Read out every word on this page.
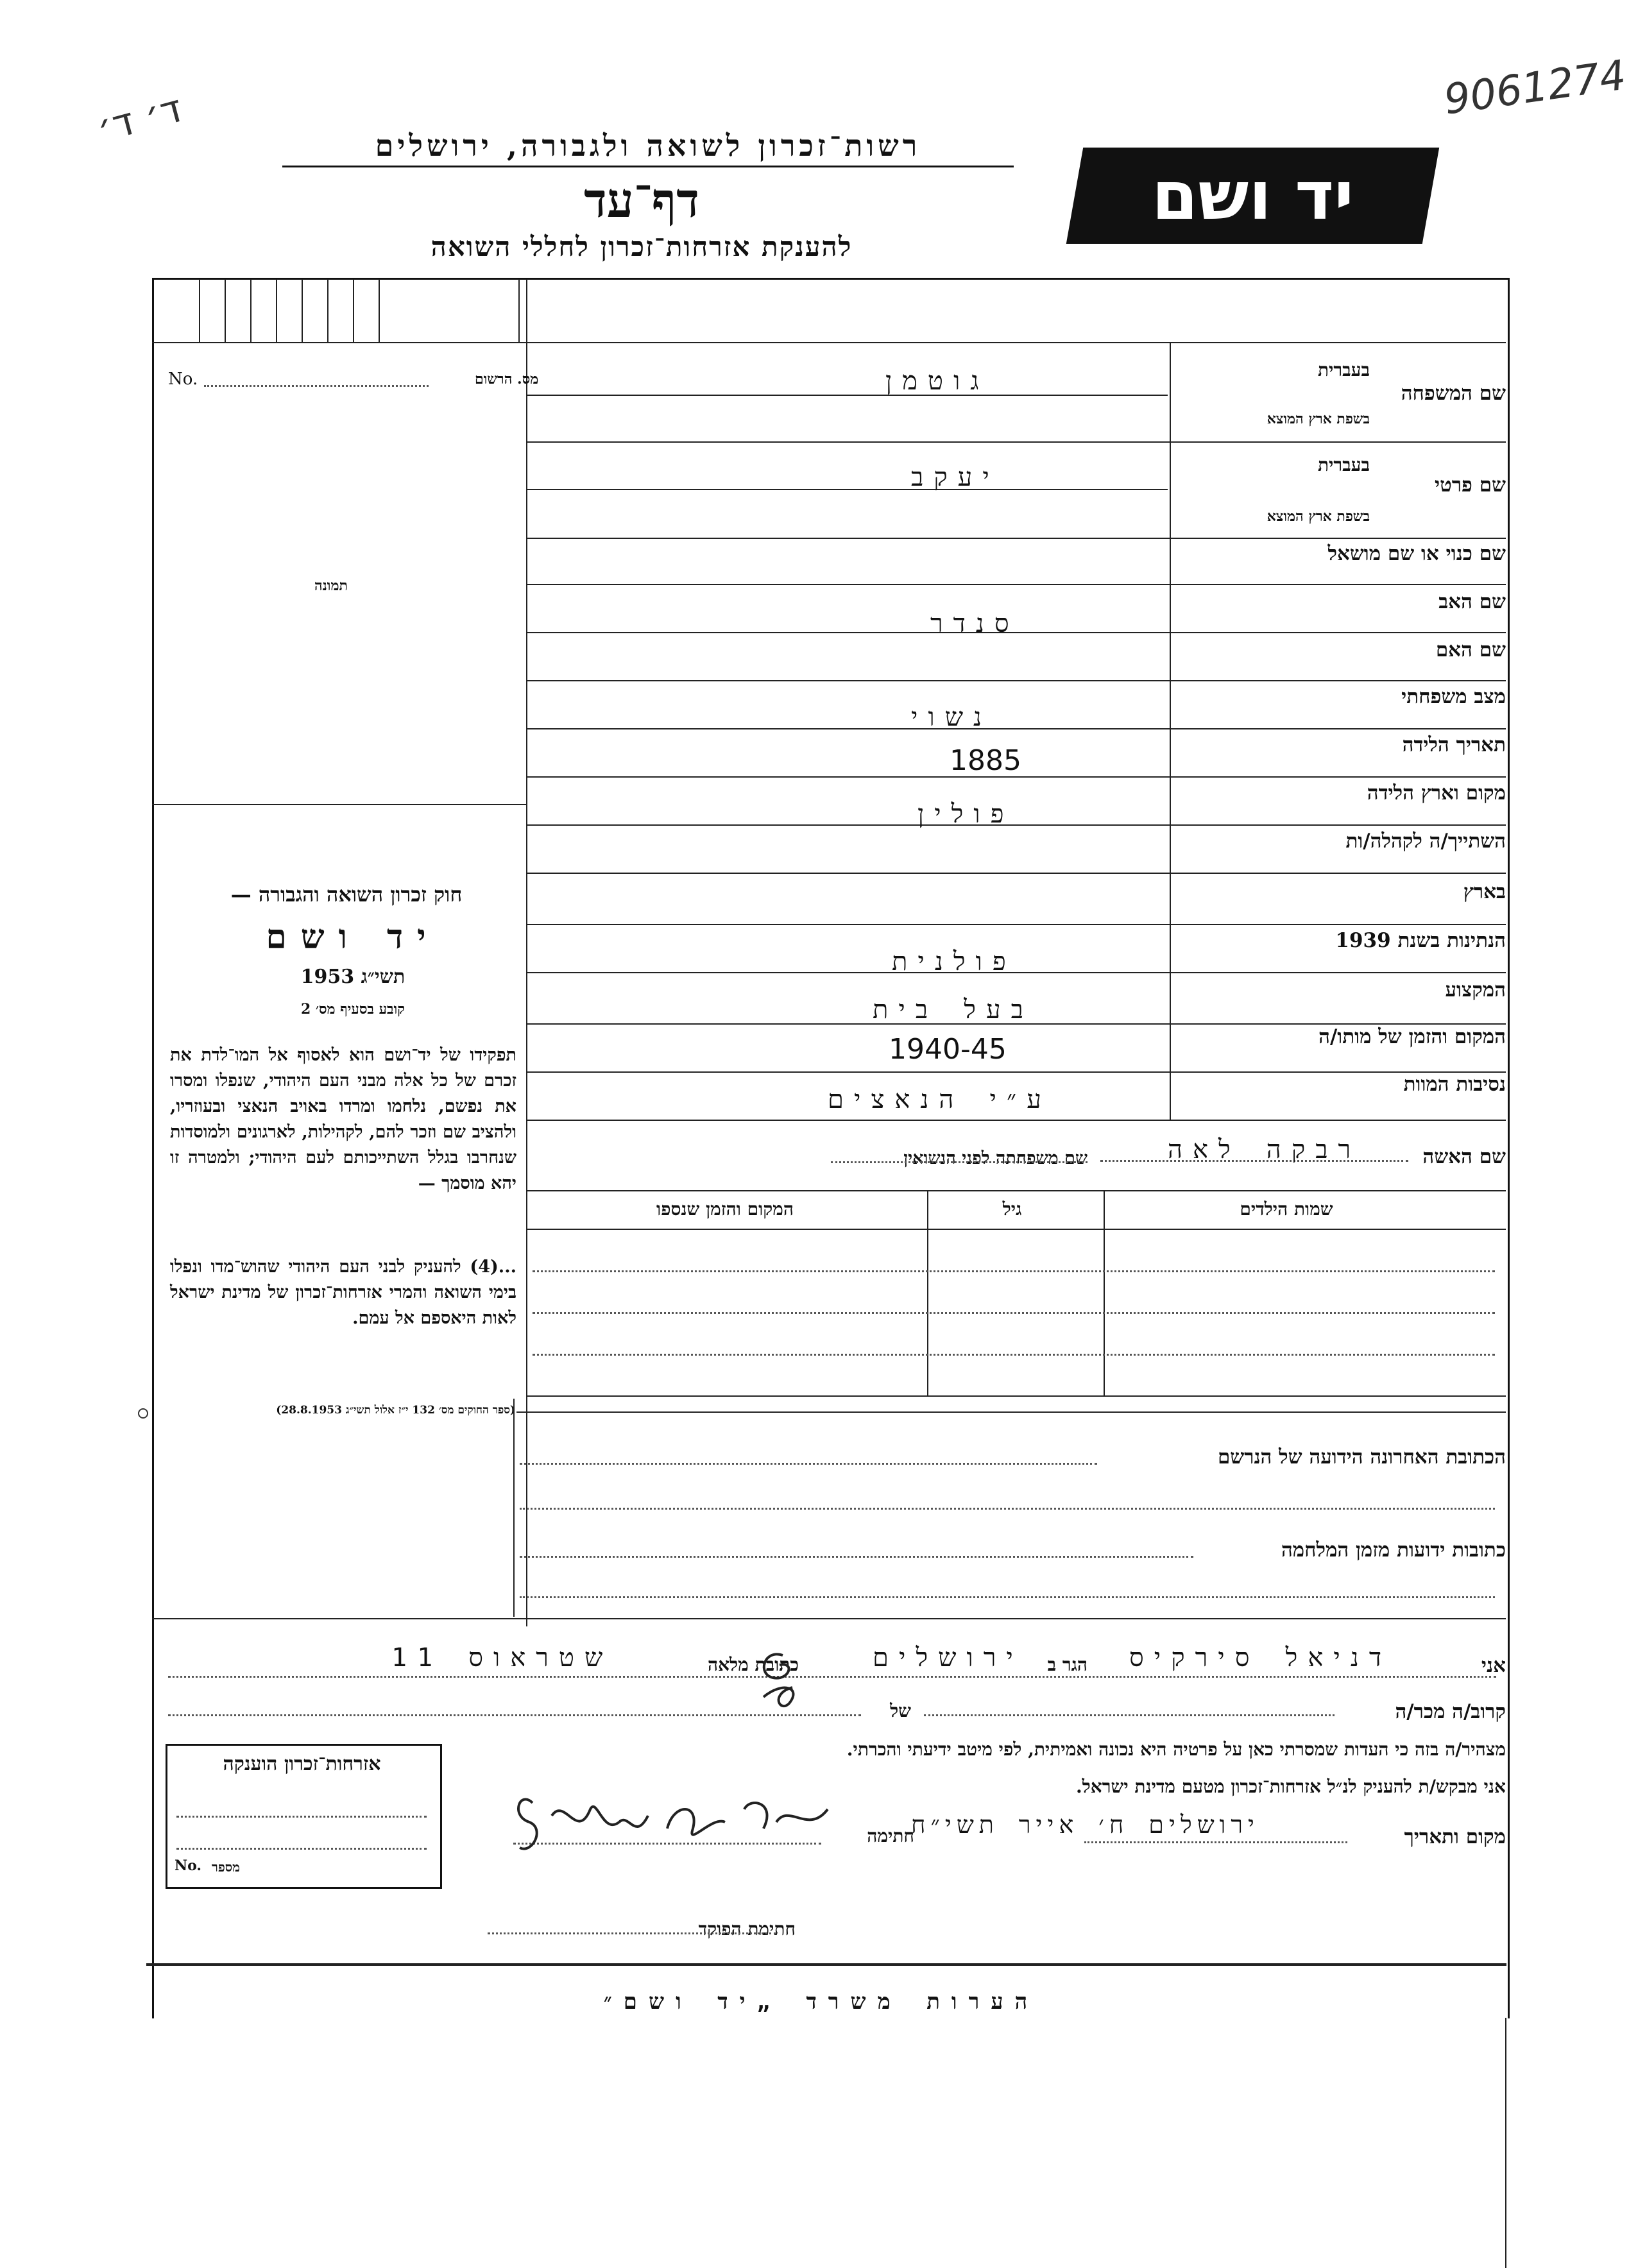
ד׳ ד׳	9061274
רשות־זכרון לשואה ולגבורה, ירושלים
דף־עד
להענקת אזרחות־זכרון לחללי השואה
יד ושם
מס. הרשום
No.
תמונה
חוק זכרון השואה והגבורה —
יד ושם
תשי״ג 1953
קובע בסעיף מס׳ 2
תפקידו של יד־ושם הוא לאסוף אל המו־לדת את זכרם של כל אלה מבני העם היהודי, שנפלו ומסרו את נפשם, נלחמו ומרדו באויב הנאצי ובעוזריו, ולהציב שם וזכר להם, לקהילות, לארגונים ולמוסדות שנחרבו בגלל השתייכותם לעם היהודי; ולמטרה זו יהא מוסמך —
...(4) להעניק לבני העם היהודי שהוש־מדו ונפלו בימי השואה והמרי אזרחות־זכרון של מדינת ישראל לאות היאספם אל עמם.
(ספר החוקים מס׳ 132 י״ז אלול תשי״ג 28.8.1953)
שם המשפחה
בעברית
בשפת ארץ המוצא
גוטמן
שם פרטי
בעברית
בשפת ארץ המוצא
יעקב
שם כנוי או שם מושאל
שם האב
סנדר
שם האם
מצב משפחתי
נשוי
תאריך הלידה
1885
מקום וארץ הלידה
פולין
השתייך/ה לקהלה/ות
בארץ
הנתינות בשנת 1939
פולנית
המקצוע
בעל בית
המקום והזמן של מותו/ה
1940-45
נסיבות המוות
ע״י הנאצים
שם האשה
רבקה לאה
שם משפחתה לפני הנשואין
שמות הילדים
גיל
המקום והזמן שנספו
הכתובת האחרונה הידועה של הנרשם
כתובות ידועות מזמן המלחמה
אני
דניאל סירקיס
הגר ב
ירושלים
כתובת מלאה
שטראוס 11
קרוב/ה מכר/ה
של
מצהיר/ה בזה כי העדות שמסרתי כאן על פרטיה היא נכונה ואמיתית, לפי מיטב ידיעתי והכרתי.
אני מבקש/ת להעניק לנ״ל אזרחות־זכרון מטעם מדינת ישראל.
מקום ותאריך
ירושלים ח׳ אייר תשי״ח
חתימה
חתימת הפוקד
אזרחות־זכרון הוענקה
No. מספר
הערות משרד „יד ושם״
